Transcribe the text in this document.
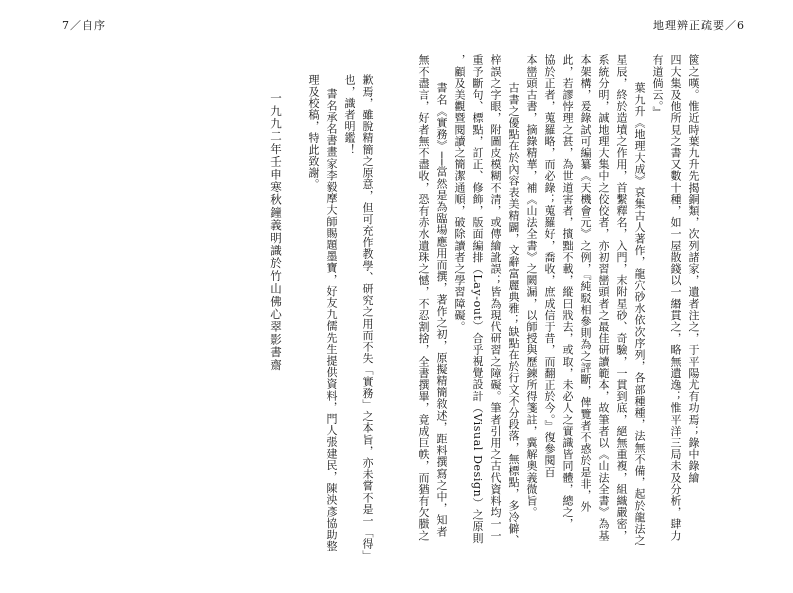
7／自序
歉焉，雖脫精簡之原意，但可充作教學、研究之用而不失「實務」之本旨，亦未嘗不是一「得」
也，識者明鑑！
書名承名書畫家李毅摩大師賜題墨寶，好友九儒先生提供資料，門人張建民，陳泱彥協助整
理及校稿，特此致謝。
一九九二年壬申寒秋鐘義明識於竹山佛心翠影書齋
地理辨正疏要／6
篋之嘆。惟近時葉九升先揭銅類，次列諸家，遺者注之，于平陽尤有功焉；錄中錄繪
四大集及他所見之書又數十種，如一屋散錢以一緡貫之，略無遺逸；惟平洋三局未及分析，肆力
有道倘云。』
葉九升《地理大成》哀集古人著作，龍穴砂水依次序列，各部種種，法無不備，起於龍法之
星辰，終於造墳之作用，首繫釋名，入門，末附星砂、奇驗，一貫到底，絕無重複，組織嚴密，
系統分明，誠地理大集中之佼佼者，亦初習巒頭者之最佳研讀範本，故筆者以《山法全書》為基
本架構，爰錄試可編纂《天機會元》之例，『純駁相參則為之評斷，俾覽者不惑於是非，外
此，若謬悖理之甚，為世道害者，擯黜不載，縱曰戕去，或取，未必人之實識皆同體，總之，
協於正者，蒐羅略，而必錄；蒐羅好，喬收，庶成信于昔，而翻正於今。』復參閱百
本巒頭古書，摘錄精華，補《山法全書》之闕漏，以師授與歷鍊所得箋註，冀解奧義微旨。
古書之優點在於內容表美精闢，文辭富麗典雅；缺點在於行文不分段落，無標點，多冷僻、
梓誤之字眼，附圖皮模糊不清，或傳繪訛誤；皆為現代研習之障礙。筆者引用之古代資料均一一
重予斷句、標點，訂正、修飾，版面編排（Lay-out）合乎視覺設計（Visual Design）之原則
，顧及美觀暨閱讀之簡潔通順，破除讀者之學習障礙。
書名《實務》──當然是為臨場應用而撰，著作之初，原擬精簡敘述，距料撰寫之中，知者
無不盡言，好者無不盡收，恐有赤水遺珠之憾，不忍割捨，全書撰畢，竟成巨帙，而猶有欠臌之
